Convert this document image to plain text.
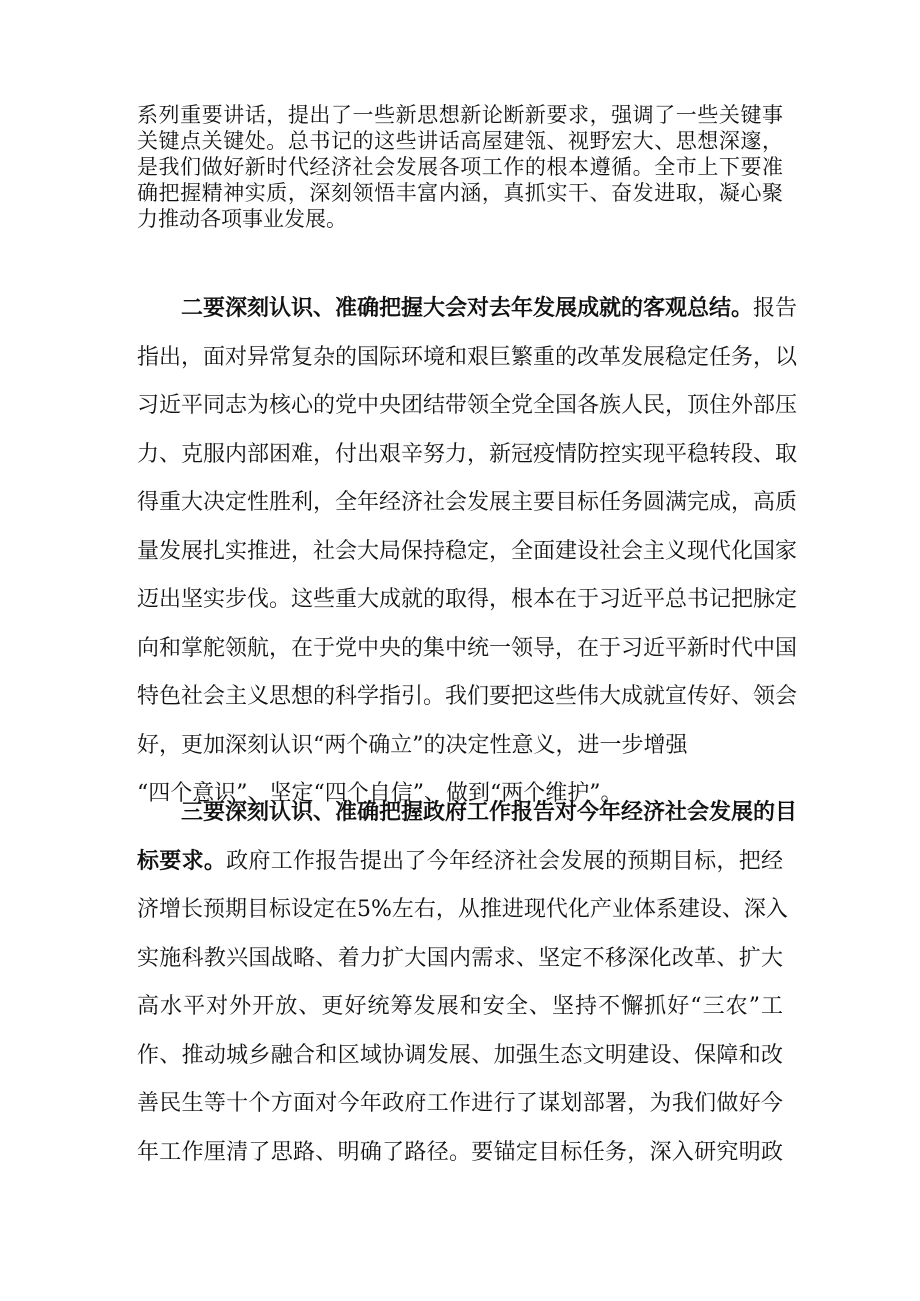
系列重要讲话，提出了一些新思想新论断新要求，强调了一些关键事
关键点关键处。总书记的这些讲话高屋建瓴、视野宏大、思想深邃，
是我们做好新时代经济社会发展各项工作的根本遵循。全市上下要准
确把握精神实质，深刻领悟丰富内涵，真抓实干、奋发进取，凝心聚
力推动各项事业发展。
二要深刻认识、准确把握大会对去年发展成就的客观总结。报告
指出，面对异常复杂的国际环境和艰巨繁重的改革发展稳定任务，以
习近平同志为核心的党中央团结带领全党全国各族人民，顶住外部压
力、克服内部困难，付出艰辛努力，新冠疫情防控实现平稳转段、取
得重大决定性胜利，全年经济社会发展主要目标任务圆满完成，高质
量发展扎实推进，社会大局保持稳定，全面建设社会主义现代化国家
迈出坚实步伐。这些重大成就的取得，根本在于习近平总书记把脉定
向和掌舵领航，在于党中央的集中统一领导，在于习近平新时代中国
特色社会主义思想的科学指引。我们要把这些伟大成就宣传好、领会
好，更加深刻认识“两个确立”的决定性意义，进一步增强
“四个意识”、坚定“四个自信”、做到“两个维护”。
三要深刻认识、准确把握政府工作报告对今年经济社会发展的目
标要求。政府工作报告提出了今年经济社会发展的预期目标，把经
济增长预期目标设定在5%左右，从推进现代化产业体系建设、深入
实施科教兴国战略、着力扩大国内需求、坚定不移深化改革、扩大
高水平对外开放、更好统筹发展和安全、坚持不懈抓好“三农”工
作、推动城乡融合和区域协调发展、加强生态文明建设、保障和改
善民生等十个方面对今年政府工作进行了谋划部署，为我们做好今
年工作厘清了思路、明确了路径。要锚定目标任务，深入研究明政
